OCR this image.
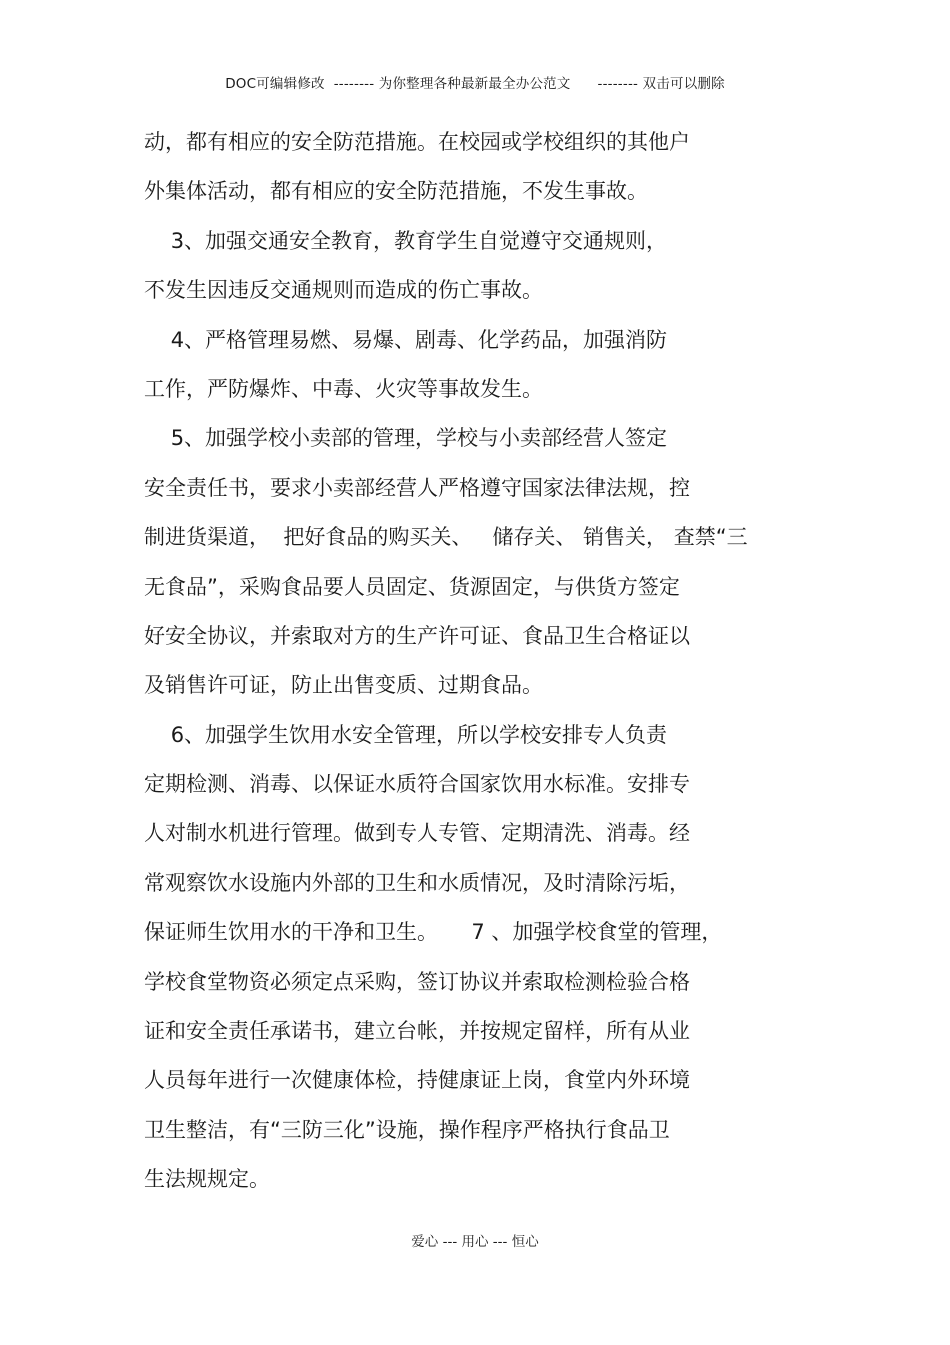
DOC可编辑修改  -------- 为你整理各种最新最全办公范文      -------- 双击可以删除
动，都有相应的安全防范措施。在校园或学校组织的其他户
外集体活动，都有相应的安全防范措施，不发生事故。
3、加强交通安全教育，教育学生自觉遵守交通规则，
不发生因违反交通规则而造成的伤亡事故。
4、严格管理易燃、易爆、剧毒、化学药品，加强消防
工作，严防爆炸、中毒、火灾等事故发生。
5、加强学校小卖部的管理，学校与小卖部经营人签定
安全责任书，要求小卖部经营人严格遵守国家法律法规，控
制进货渠道，  把好食品的购买关、   储存关、 销售关， 查禁“三
无食品”，采购食品要人员固定、货源固定，与供货方签定
好安全协议，并索取对方的生产许可证、食品卫生合格证以
及销售许可证，防止出售变质、过期食品。
6、加强学生饮用水安全管理，所以学校安排专人负责
定期检测、消毒、以保证水质符合国家饮用水标准。安排专
人对制水机进行管理。做到专人专管、定期清洗、消毒。经
常观察饮水设施内外部的卫生和水质情况，及时清除污垢，
保证师生饮用水的干净和卫生。     7 、加强学校食堂的管理，
学校食堂物资必须定点采购，签订协议并索取检测检验合格
证和安全责任承诺书，建立台帐，并按规定留样，所有从业
人员每年进行一次健康体检，持健康证上岗，食堂内外环境
卫生整洁，有“三防三化”设施，操作程序严格执行食品卫
生法规规定。
爱心 --- 用心 --- 恒心
